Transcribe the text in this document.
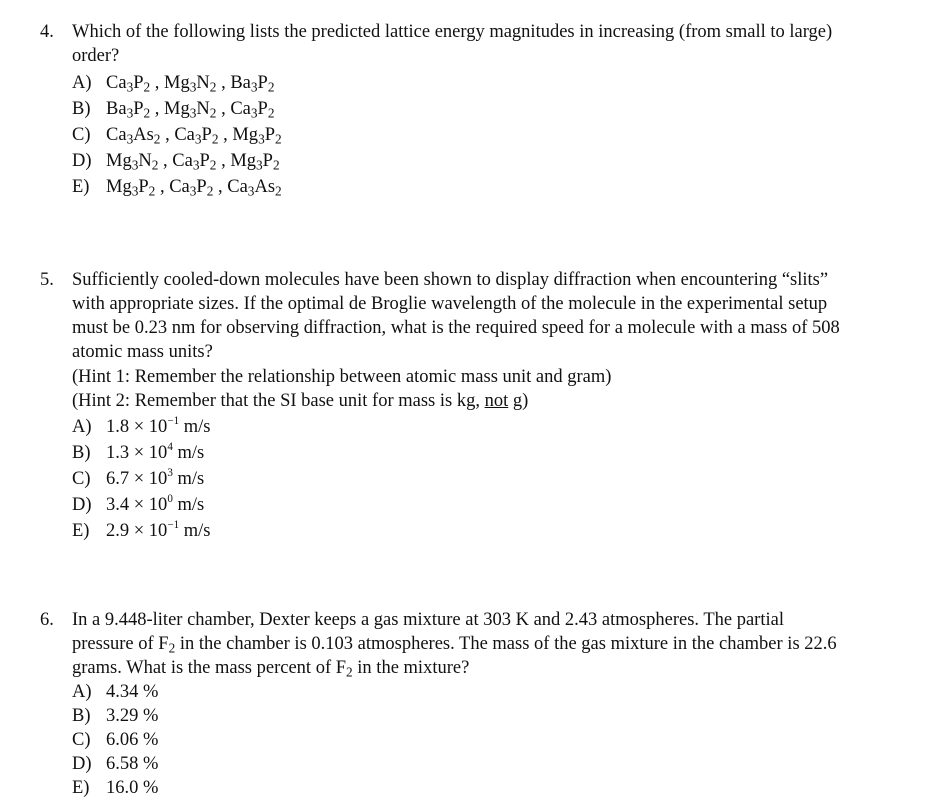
4. Which of the following lists the predicted lattice energy magnitudes in increasing (from small to large)
order?
A) $Ca_3P_2$ , $Mg_3N_2$ , $Ba_3P_2$
B) $Ba_3P_2$ , $Mg_3N_2$ , $Ca_3P_2$
C) $Ca_3As_2$ , $Ca_3P_2$ , $Mg_3P_2$
D) $Mg_3N_2$ , $Ca_3P_2$ , $Mg_3P_2$
E) $Mg_3P_2$ , $Ca_3P_2$ , $Ca_3As_2$
5. Sufficiently cooled-down molecules have been shown to display diffraction when encountering “slits”
with appropriate sizes. If the optimal de Broglie wavelength of the molecule in the experimental setup
must be 0.23 nm for observing diffraction, what is the required speed for a molecule with a mass of 508
atomic mass units?
(Hint 1: Remember the relationship between atomic mass unit and gram)
(Hint 2: Remember that the SI base unit for mass is kg, not g)
A) $1.8 \times 10^{-1}$ m/s
B) $1.3 \times 10^4$ m/s
C) $6.7 \times 10^3$ m/s
D) $3.4 \times 10^0$ m/s
E) $2.9 \times 10^{-1}$ m/s
6. In a 9.448-liter chamber, Dexter keeps a gas mixture at 303 K and 2.43 atmospheres. The partial
pressure of $F_2$ in the chamber is 0.103 atmospheres. The mass of the gas mixture in the chamber is 22.6
grams. What is the mass percent of $F_2$ in the mixture?
A) 4.34 %
B) 3.29 %
C) 6.06 %
D) 6.58 %
E) 16.0 %
